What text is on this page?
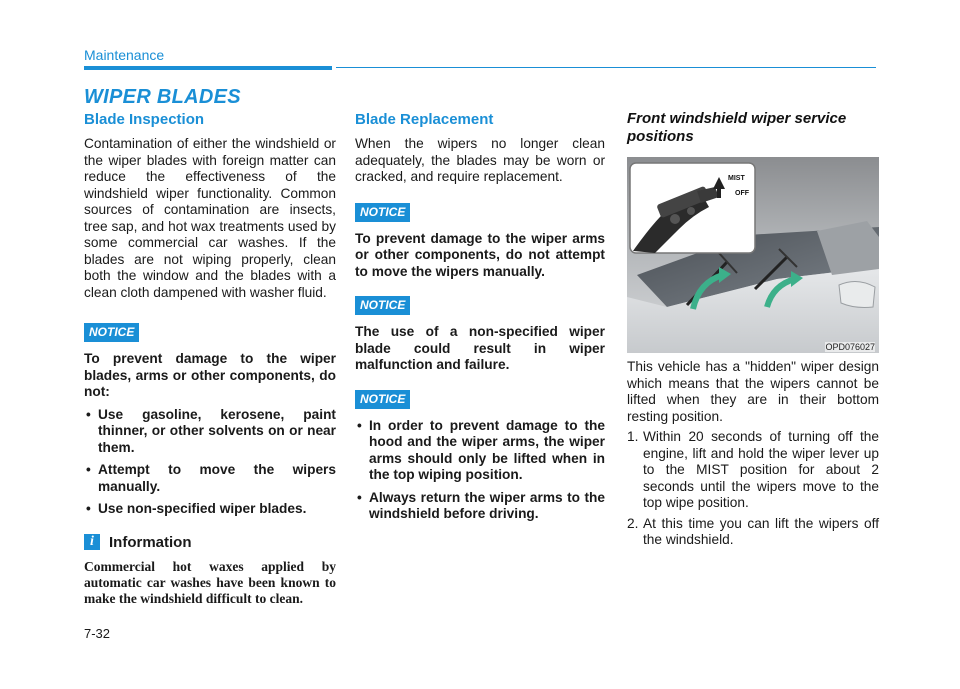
Maintenance
WIPER BLADES
Blade Inspection

Contamination of either the windshield or the wiper blades with foreign matter can reduce the effectiveness of the windshield wiper functionality. Common sources of contamination are insects, tree sap, and hot wax treatments used by some commercial car washes. If the blades are not wiping properly, clean both the window and the blades with a clean cloth dampened with washer fluid.

NOTICE

To prevent damage to the wiper blades, arms or other components, do not:

• Use gasoline, kerosene, paint thinner, or other solvents on or near them.
• Attempt to move the wipers manually.
• Use non-specified wiper blades.
i	Information

Commercial hot waxes applied by automatic car washes have been known to make the windshield difficult to clean.

Blade Replacement

When the wipers no longer clean adequately, the blades may be worn or cracked, and require replacement.

NOTICE

To prevent damage to the wiper arms or other components, do not attempt to move the wipers manually.

NOTICE

The use of a non-specified wiper blade could result in wiper malfunction and failure.

NOTICE
• In order to prevent damage to the hood and the wiper arms, the wiper arms should only be lifted when in the top wiping position.
• Always return the wiper arms to the windshield before driving.
Front windshield wiper service positions
MIST
OFF
OPD076027

This vehicle has a "hidden" wiper design which means that the wipers cannot be lifted when they are in their bottom resting position.

1. Within 20 seconds of turning off the engine, lift and hold the wiper lever up to the MIST position for about 2 seconds until the wipers move to the top wipe position.
2. At this time you can lift the wipers off the windshield.
7-32
